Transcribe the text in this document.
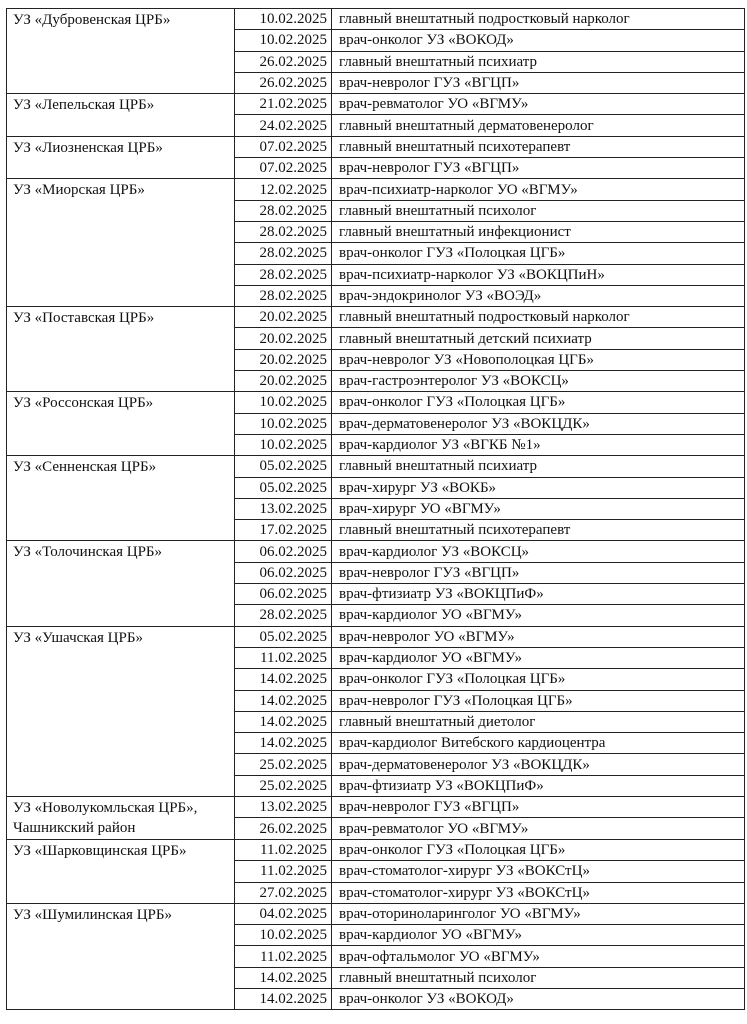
УЗ «Дубровенская ЦРБ»	10.02.2025	главный внештатный подростковый нарколог
	10.02.2025	врач-онколог УЗ «ВОКОД»
	26.02.2025	главный внештатный психиатр
	26.02.2025	врач-невролог ГУЗ «ВГЦП»
УЗ «Лепельская ЦРБ»	21.02.2025	врач-ревматолог УО «ВГМУ»
	24.02.2025	главный внештатный дерматовенеролог
УЗ «Лиозненская ЦРБ»	07.02.2025	главный внештатный психотерапевт
	07.02.2025	врач-невролог ГУЗ «ВГЦП»
УЗ «Миорская ЦРБ»	12.02.2025	врач-психиатр-нарколог УО «ВГМУ»
	28.02.2025	главный внештатный психолог
	28.02.2025	главный внештатный инфекционист
	28.02.2025	врач-онколог ГУЗ «Полоцкая ЦГБ»
	28.02.2025	врач-психиатр-нарколог УЗ «ВОКЦПиН»
	28.02.2025	врач-эндокринолог УЗ «ВОЭД»
УЗ «Поставская ЦРБ»	20.02.2025	главный внештатный подростковый нарколог
	20.02.2025	главный внештатный детский психиатр
	20.02.2025	врач-невролог УЗ «Новополоцкая ЦГБ»
	20.02.2025	врач-гастроэнтеролог УЗ «ВОКСЦ»
УЗ «Россонская ЦРБ»	10.02.2025	врач-онколог ГУЗ «Полоцкая ЦГБ»
	10.02.2025	врач-дерматовенеролог УЗ «ВОКЦДК»
	10.02.2025	врач-кардиолог УЗ «ВГКБ №1»
УЗ «Сенненская ЦРБ»	05.02.2025	главный внештатный психиатр
	05.02.2025	врач-хирург УЗ «ВОКБ»
	13.02.2025	врач-хирург УО «ВГМУ»
	17.02.2025	главный внештатный психотерапевт
УЗ «Толочинская ЦРБ»	06.02.2025	врач-кардиолог УЗ «ВОКСЦ»
	06.02.2025	врач-невролог ГУЗ «ВГЦП»
	06.02.2025	врач-фтизиатр УЗ «ВОКЦПиФ»
	28.02.2025	врач-кардиолог УО «ВГМУ»
УЗ «Ушачская ЦРБ»	05.02.2025	врач-невролог УО «ВГМУ»
	11.02.2025	врач-кардиолог УО «ВГМУ»
	14.02.2025	врач-онколог ГУЗ «Полоцкая ЦГБ»
	14.02.2025	врач-невролог ГУЗ «Полоцкая ЦГБ»
	14.02.2025	главный внештатный диетолог
	14.02.2025	врач-кардиолог Витебского кардиоцентра
	25.02.2025	врач-дерматовенеролог УЗ «ВОКЦДК»
	25.02.2025	врач-фтизиатр УЗ «ВОКЦПиФ»
УЗ «Новолукомльская ЦРБ», Чашникский район	13.02.2025	врач-невролог ГУЗ «ВГЦП»
	26.02.2025	врач-ревматолог УО «ВГМУ»
УЗ «Шарковщинская ЦРБ»	11.02.2025	врач-онколог ГУЗ «Полоцкая ЦГБ»
	11.02.2025	врач-стоматолог-хирург УЗ «ВОКСтЦ»
	27.02.2025	врач-стоматолог-хирург УЗ «ВОКСтЦ»
УЗ «Шумилинская ЦРБ»	04.02.2025	врач-оториноларинголог УО «ВГМУ»
	10.02.2025	врач-кардиолог УО «ВГМУ»
	11.02.2025	врач-офтальмолог УО «ВГМУ»
	14.02.2025	главный внештатный психолог
	14.02.2025	врач-онколог УЗ «ВОКОД»
